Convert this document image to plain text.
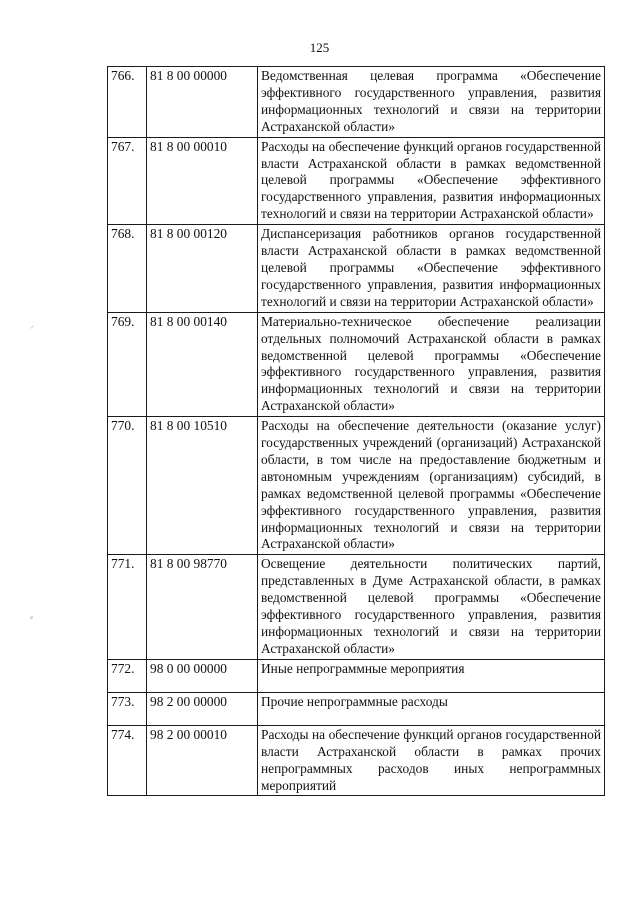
125
766.	81 8 00 00000	Ведомственная целевая программа «Обеспечение эффективного государственного управления, развития информационных технологий и связи на территории Астраханской области»
767.	81 8 00 00010	Расходы на обеспечение функций органов государственной власти Астраханской области в рамках ведомственной целевой программы «Обеспечение эффективного государственного управления, развития информационных технологий и связи на территории Астраханской области»
768.	81 8 00 00120	Диспансеризация работников органов государственной власти Астраханской области в рамках ведомственной целевой программы «Обеспечение эффективного государственного управления, развития информационных технологий и связи на территории Астраханской области»
769.	81 8 00 00140	Материально-техническое обеспечение реализации отдельных полномочий Астраханской области в рамках ведомственной целевой программы «Обеспечение эффективного государственного управления, развития информационных технологий и связи на территории Астраханской области»
770.	81 8 00 10510	Расходы на обеспечение деятельности (оказание услуг) государственных учреждений (организаций) Астраханской области, в том числе на предоставление бюджетным и автономным учреждениям (организациям) субсидий, в рамках ведомственной целевой программы «Обеспечение эффективного государственного управления, развития информационных технологий и связи на территории Астраханской области»
771.	81 8 00 98770	Освещение деятельности политических партий, представленных в Думе Астраханской области, в рамках ведомственной целевой программы «Обеспечение эффективного государственного управления, развития информационных технологий и связи на территории Астраханской области»
772.	98 0 00 00000	Иные непрограммные мероприятия
773.	98 2 00 00000	Прочие непрограммные расходы
774.	98 2 00 00010	Расходы на обеспечение функций органов государственной власти Астраханской области в рамках прочих непрограммных расходов иных непрограммных мероприятий
⸝
⸗
